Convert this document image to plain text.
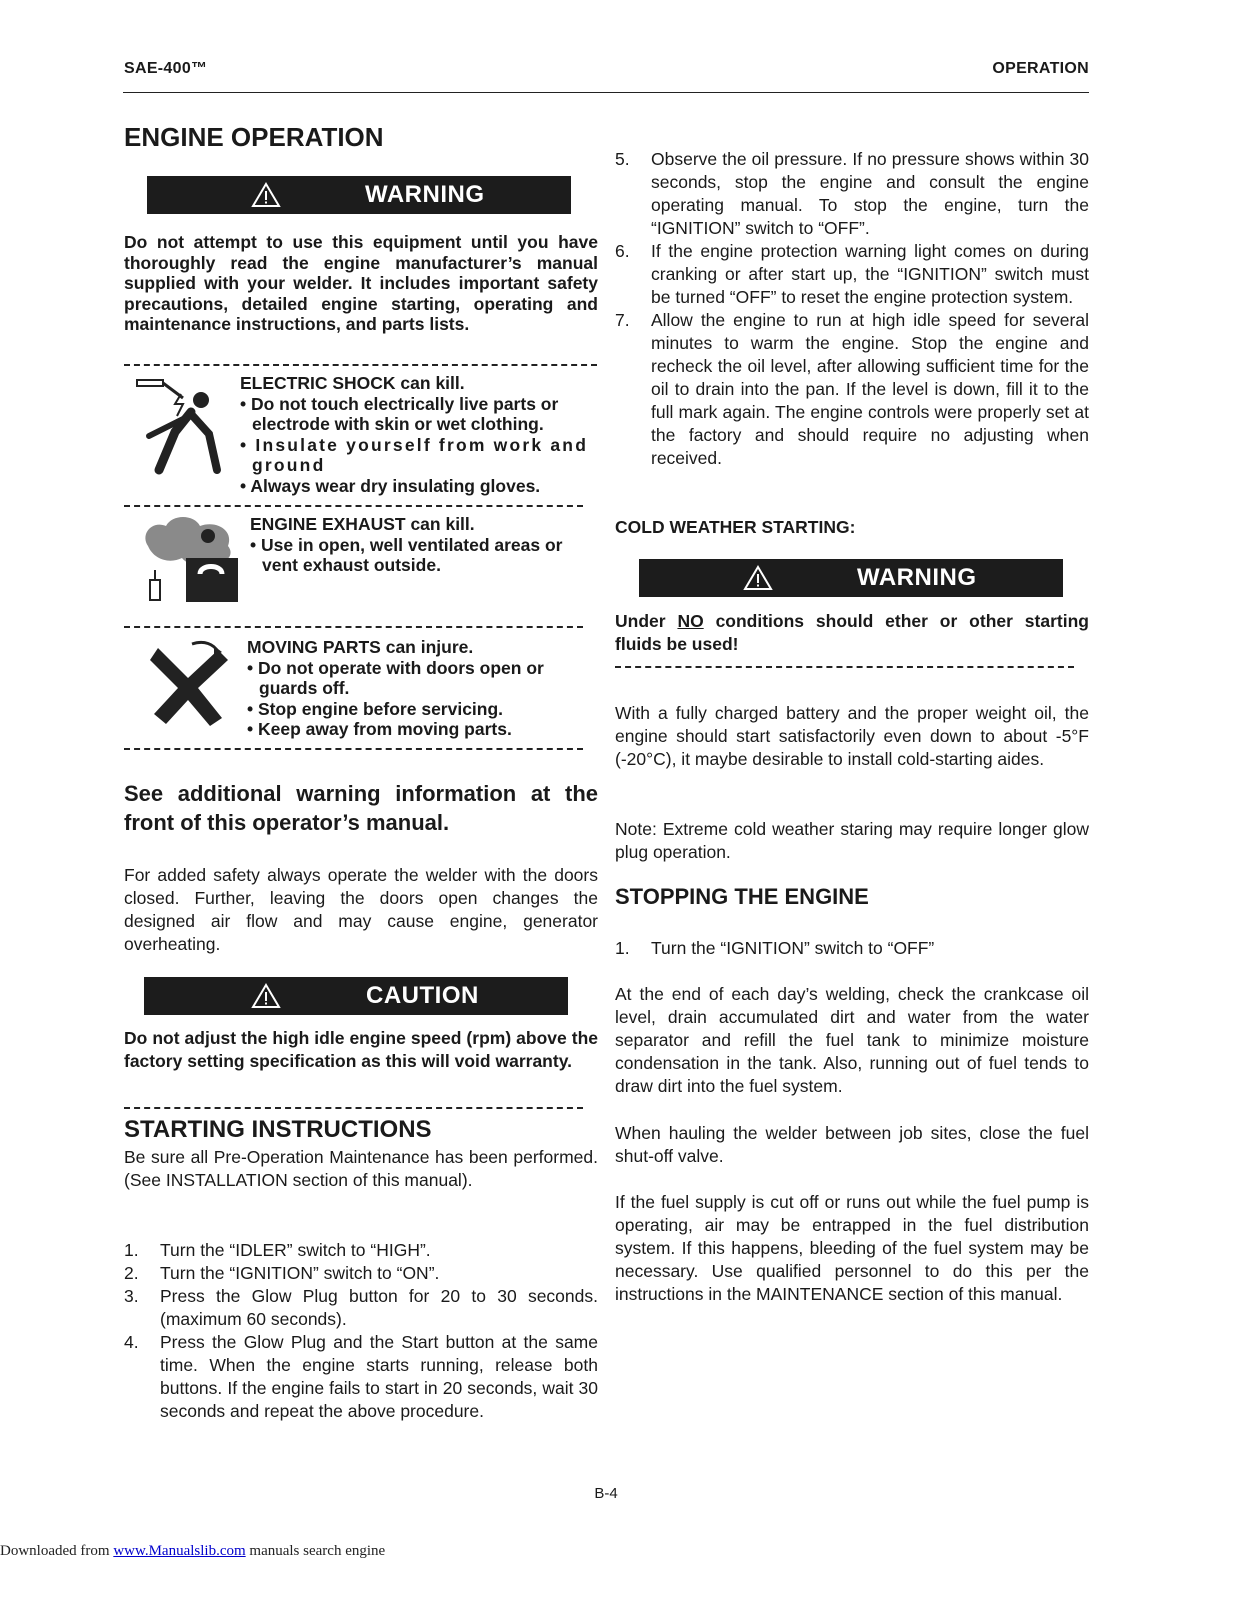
SAE-400™	OPERATION
ENGINE OPERATION
WARNING
Do not attempt to use this equipment until you have thoroughly read the engine manufacturer’s manual supplied with your welder. It includes important safety precautions, detailed engine starting, operating and maintenance instructions, and parts lists.
ELECTRIC SHOCK can kill.
• Do not touch electrically live parts or electrode with skin or wet clothing.
• Insulate yourself from work and ground
• Always wear dry insulating gloves.
ENGINE EXHAUST can kill.
• Use in open, well ventilated areas or vent exhaust outside.
MOVING PARTS can injure.
• Do not operate with doors open or guards off.
• Stop engine before servicing.
• Keep away from moving parts.
See additional warning information at the front of this operator’s manual.
For added safety always operate the welder with the doors closed. Further, leaving the doors open changes the designed air flow and may cause engine, generator overheating.
CAUTION
Do not adjust the high idle engine speed (rpm) above the factory setting specification as this will void warranty.
STARTING INSTRUCTIONS
Be sure all Pre-Operation Maintenance has been performed. (See INSTALLATION section of this manual).
1. Turn the “IDLER” switch to “HIGH”.
2. Turn the “IGNITION” switch to “ON”.
3. Press the Glow Plug button for 20 to 30 seconds. (maximum 60 seconds).
4. Press the Glow Plug and the Start button at the same time. When the engine starts running, release both buttons. If the engine fails to start in 20 seconds, wait 30 seconds and repeat the above procedure.
5. Observe the oil pressure. If no pressure shows within 30 seconds, stop the engine and consult the engine operating manual. To stop the engine, turn the “IGNITION” switch to “OFF”.
6. If the engine protection warning light comes on during cranking or after start up, the “IGNITION” switch must be turned “OFF” to reset the engine protection system.
7. Allow the engine to run at high idle speed for several minutes to warm the engine. Stop the engine and recheck the oil level, after allowing sufficient time for the oil to drain into the pan. If the level is down, fill it to the full mark again. The engine controls were properly set at the factory and should require no adjusting when received.
COLD WEATHER STARTING:
WARNING
Under NO conditions should ether or other starting fluids be used!
With a fully charged battery and the proper weight oil, the engine should start satisfactorily even down to about -5°F (-20°C), it maybe desirable to install cold-starting aides.
Note: Extreme cold weather staring may require longer glow plug operation.
STOPPING THE ENGINE
1. Turn the “IGNITION” switch to “OFF”
At the end of each day’s welding, check the crankcase oil level, drain accumulated dirt and water from the water separator and refill the fuel tank to minimize moisture condensation in the tank. Also, running out of fuel tends to draw dirt into the fuel system.
When hauling the welder between job sites, close the fuel shut-off valve.
If the fuel supply is cut off or runs out while the fuel pump is operating, air may be entrapped in the fuel distribution system. If this happens, bleeding of the fuel system may be necessary. Use qualified personnel to do this per the instructions in the MAINTENANCE section of this manual.
B-4
Downloaded from www.Manualslib.com manuals search engine
